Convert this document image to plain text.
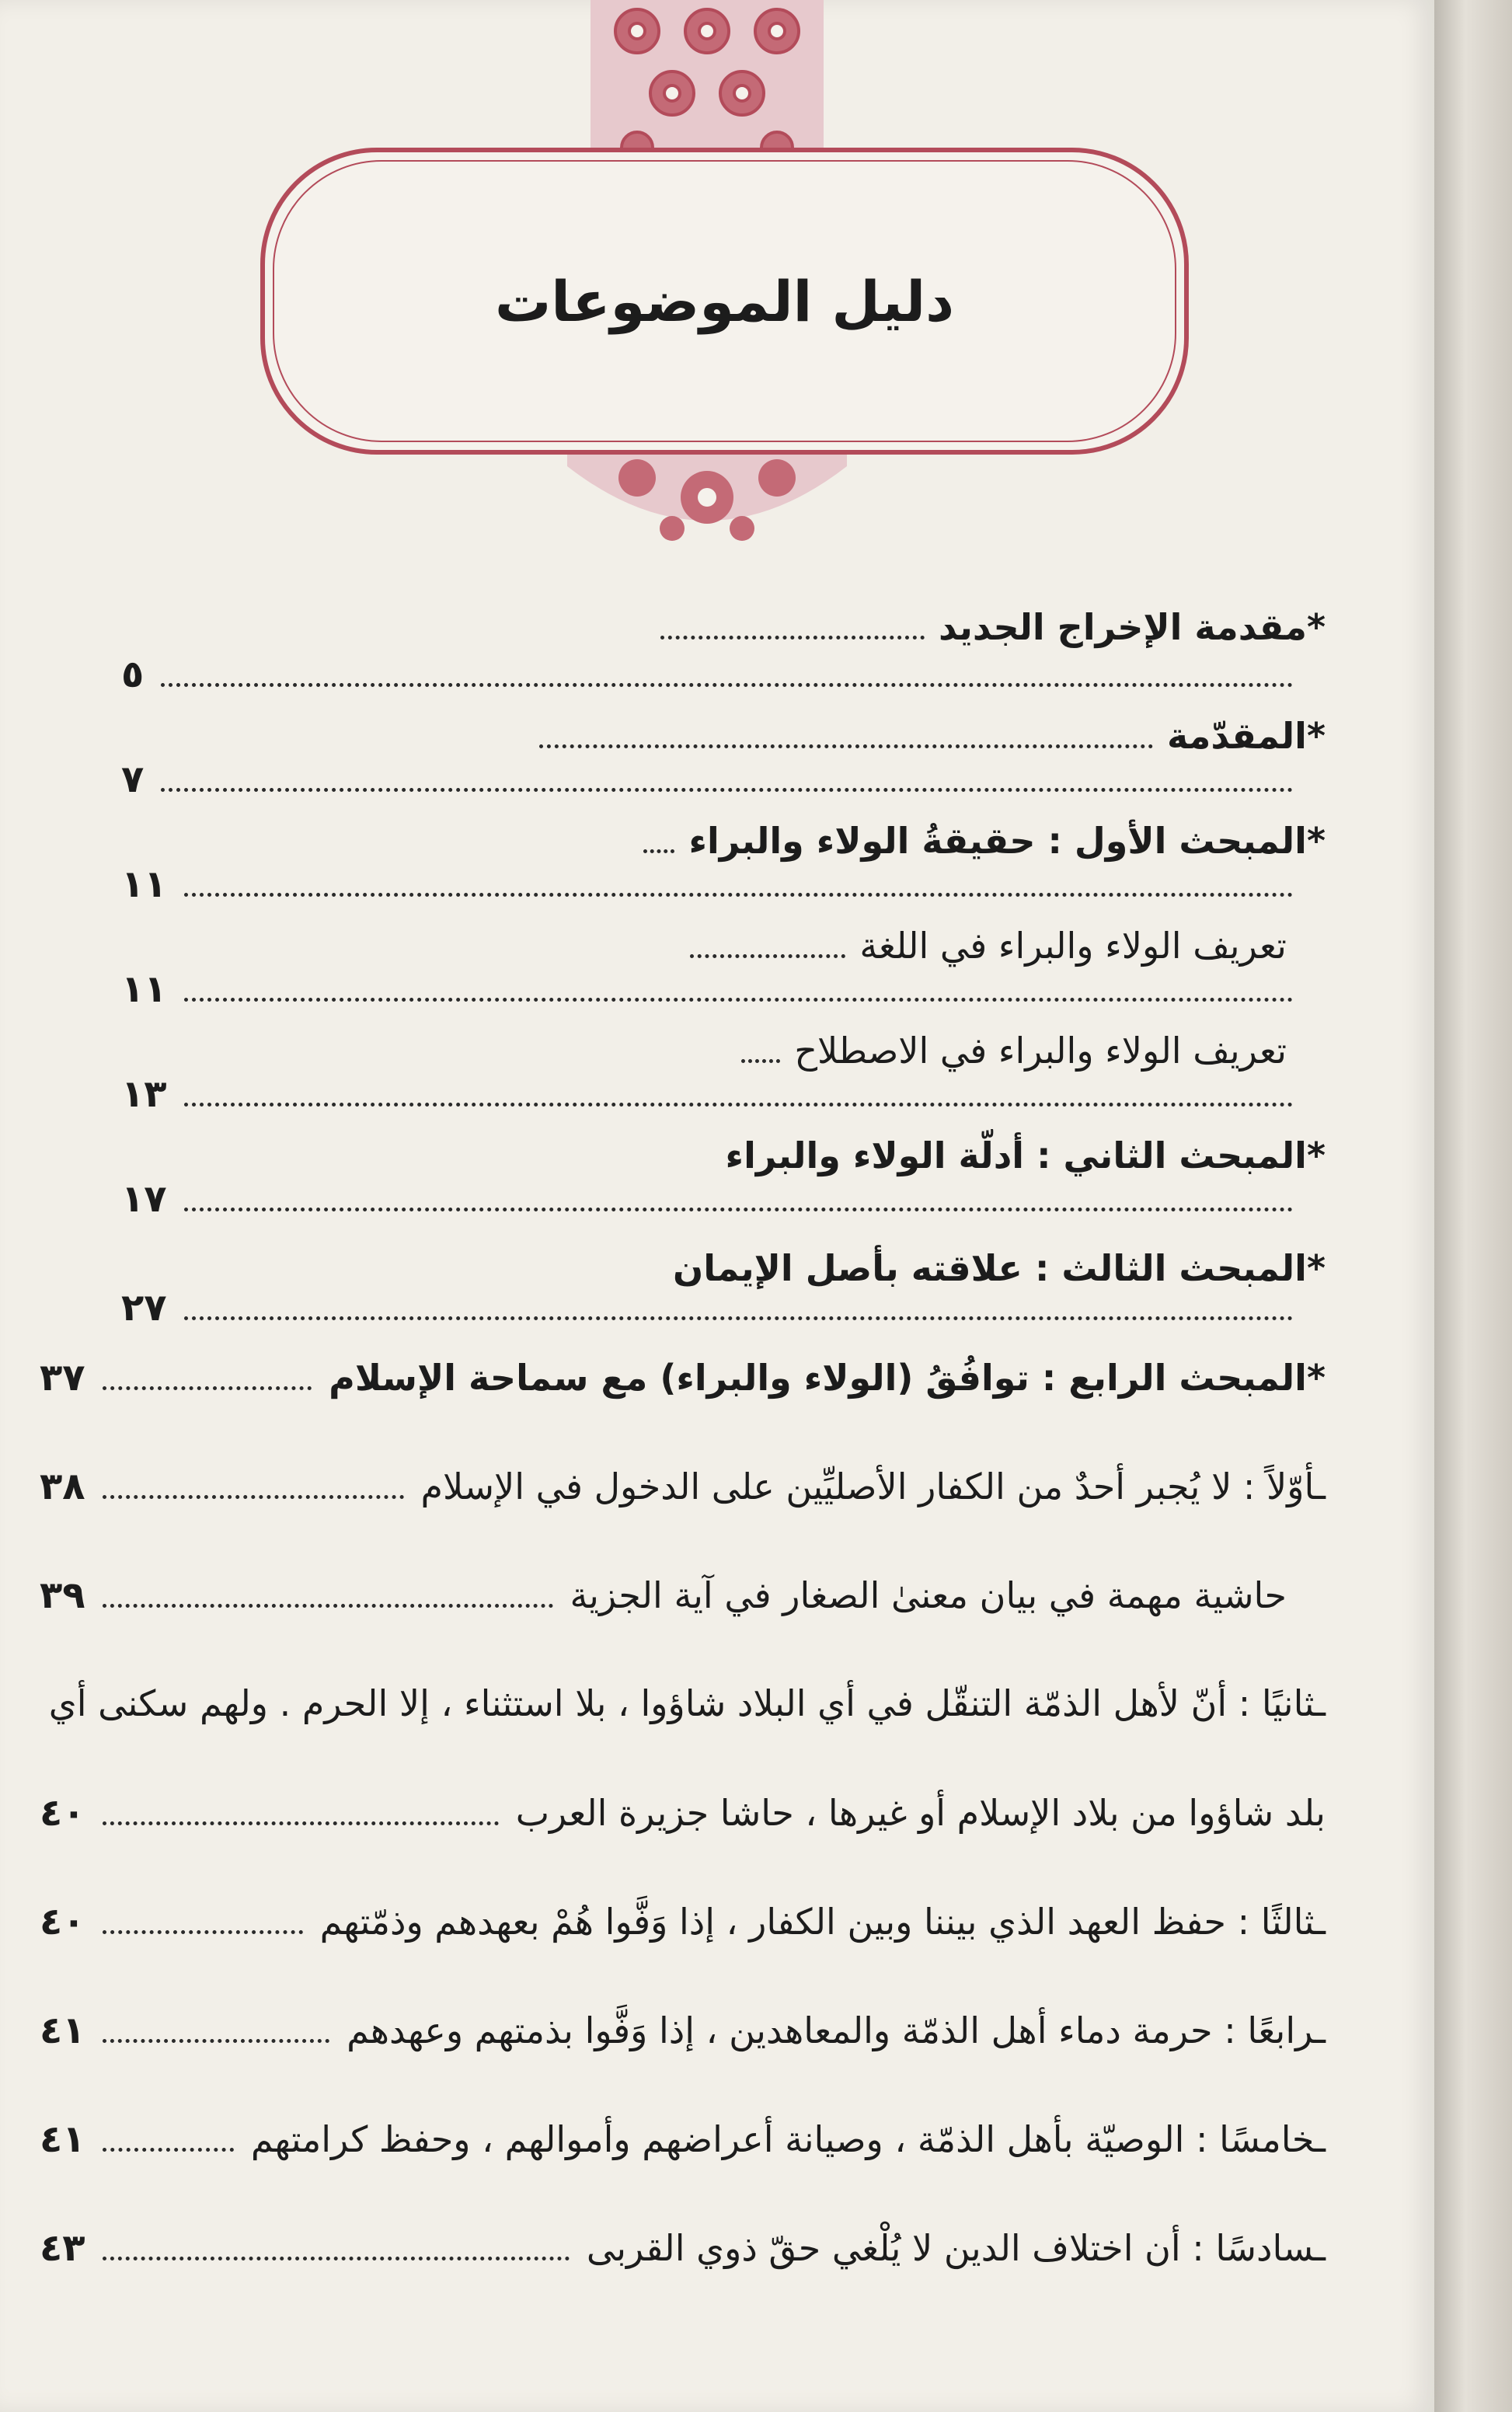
دليل الموضوعات
*
مقدمة الإخراج الجديد
٥
*
المقدّمة
٧
*
المبحث الأول : حقيقةُ الولاء والبراء
١١
تعريف الولاء والبراء في اللغة
١١
تعريف الولاء والبراء في الاصطلاح
١٣
*
المبحث الثاني : أدلّة الولاء والبراء
١٧
*
المبحث الثالث : علاقته بأصل الإيمان
٢٧
*
المبحث الرابع : توافُقُ (الولاء والبراء) مع سماحة الإسلام
٣٧
ـأوّلاً : لا يُجبر أحدٌ من الكفار الأصليِّين على الدخول في الإسلام
٣٨
حاشية مهمة في بيان معنىٰ الصغار في آية الجزية
٣٩
ـثانيًا : أنّ لأهل الذمّة التنقّل في أي البلاد شاؤوا ، بلا استثناء ، إلا الحرم . ولهم سكنى أي
بلد شاؤوا من بلاد الإسلام أو غيرها ، حاشا جزيرة العرب
٤٠
ـثالثًا : حفظ العهد الذي بيننا وبين الكفار ، إذا وَفَّوا هُمْ بعهدهم وذمّتهم
٤٠
ـرابعًا : حرمة دماء أهل الذمّة والمعاهدين ، إذا وَفَّوا بذمتهم وعهدهم
٤١
ـخامسًا : الوصيّة بأهل الذمّة ، وصيانة أعراضهم وأموالهم ، وحفظ كرامتهم
٤١
ـسادسًا : أن اختلاف الدين لا يُلْغي حقّ ذوي القربى
٤٣
